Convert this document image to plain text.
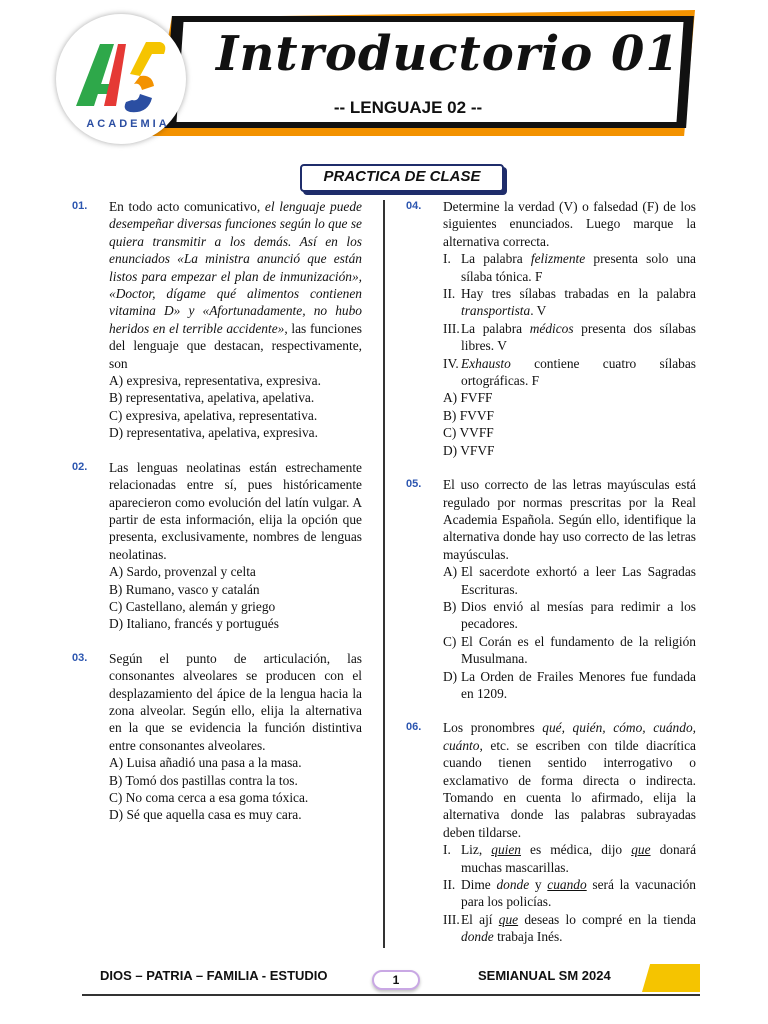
Introductorio 01
-- LENGUAJE 02 --
ACADEMIA
PRACTICA DE CLASE
01. En todo acto comunicativo, el lenguaje puede desempeñar diversas funciones según lo que se quiera transmitir a los demás. Así en los enunciados «La ministra anunció que están listos para empezar el plan de inmunización», «Doctor, dígame qué alimentos contienen vitamina D» y «Afortunadamente, no hubo heridos en el terrible accidente», las funciones del lenguaje que destacan, respectivamente, son
A) expresiva, representativa, expresiva.
B) representativa, apelativa, apelativa.
C) expresiva, apelativa, representativa.
D) representativa, apelativa, expresiva.
02. Las lenguas neolatinas están estrechamente relacionadas entre sí, pues históricamente aparecieron como evolución del latín vulgar. A partir de esta información, elija la opción que presenta, exclusivamente, nombres de lenguas neolatinas.
A) Sardo, provenzal y celta
B) Rumano, vasco y catalán
C) Castellano, alemán y griego
D) Italiano, francés y portugués
03. Según el punto de articulación, las consonantes alveolares se producen con el desplazamiento del ápice de la lengua hacia la zona alveolar. Según ello, elija la alternativa en la que se evidencia la función distintiva entre consonantes alveolares.
A) Luisa añadió una pasa a la masa.
B) Tomó dos pastillas contra la tos.
C) No coma cerca a esa goma tóxica.
D) Sé que aquella casa es muy cara.
04. Determine la verdad (V) o falsedad (F) de los siguientes enunciados. Luego marque la alternativa correcta.
I. La palabra felizmente presenta solo una sílaba tónica. F
II. Hay tres sílabas trabadas en la palabra transportista. V
III. La palabra médicos presenta dos sílabas libres. V
IV. Exhausto contiene cuatro sílabas ortográficas. F
A) FVFF
B) FVVF
C) VVFF
D) VFVF
05. El uso correcto de las letras mayúsculas está regulado por normas prescritas por la Real Academia Española. Según ello, identifique la alternativa donde hay uso correcto de las letras mayúsculas.
A) El sacerdote exhortó a leer Las Sagradas Escrituras.
B) Dios envió al mesías para redimir a los pecadores.
C) El Corán es el fundamento de la religión Musulmana.
D) La Orden de Frailes Menores fue fundada en 1209.
06. Los pronombres qué, quién, cómo, cuándo, cuánto, etc. se escriben con tilde diacrítica cuando tienen sentido interrogativo o exclamativo de forma directa o indirecta. Tomando en cuenta lo afirmado, elija la alternativa donde las palabras subrayadas deben tildarse.
I. Liz, quien es médica, dijo que donará muchas mascarillas.
II. Dime donde y cuando será la vacunación para los policías.
III. El ají que deseas lo compré en la tienda donde trabaja Inés.
DIOS – PATRIA – FAMILIA - ESTUDIO	1	SEMIANUAL SM 2024
